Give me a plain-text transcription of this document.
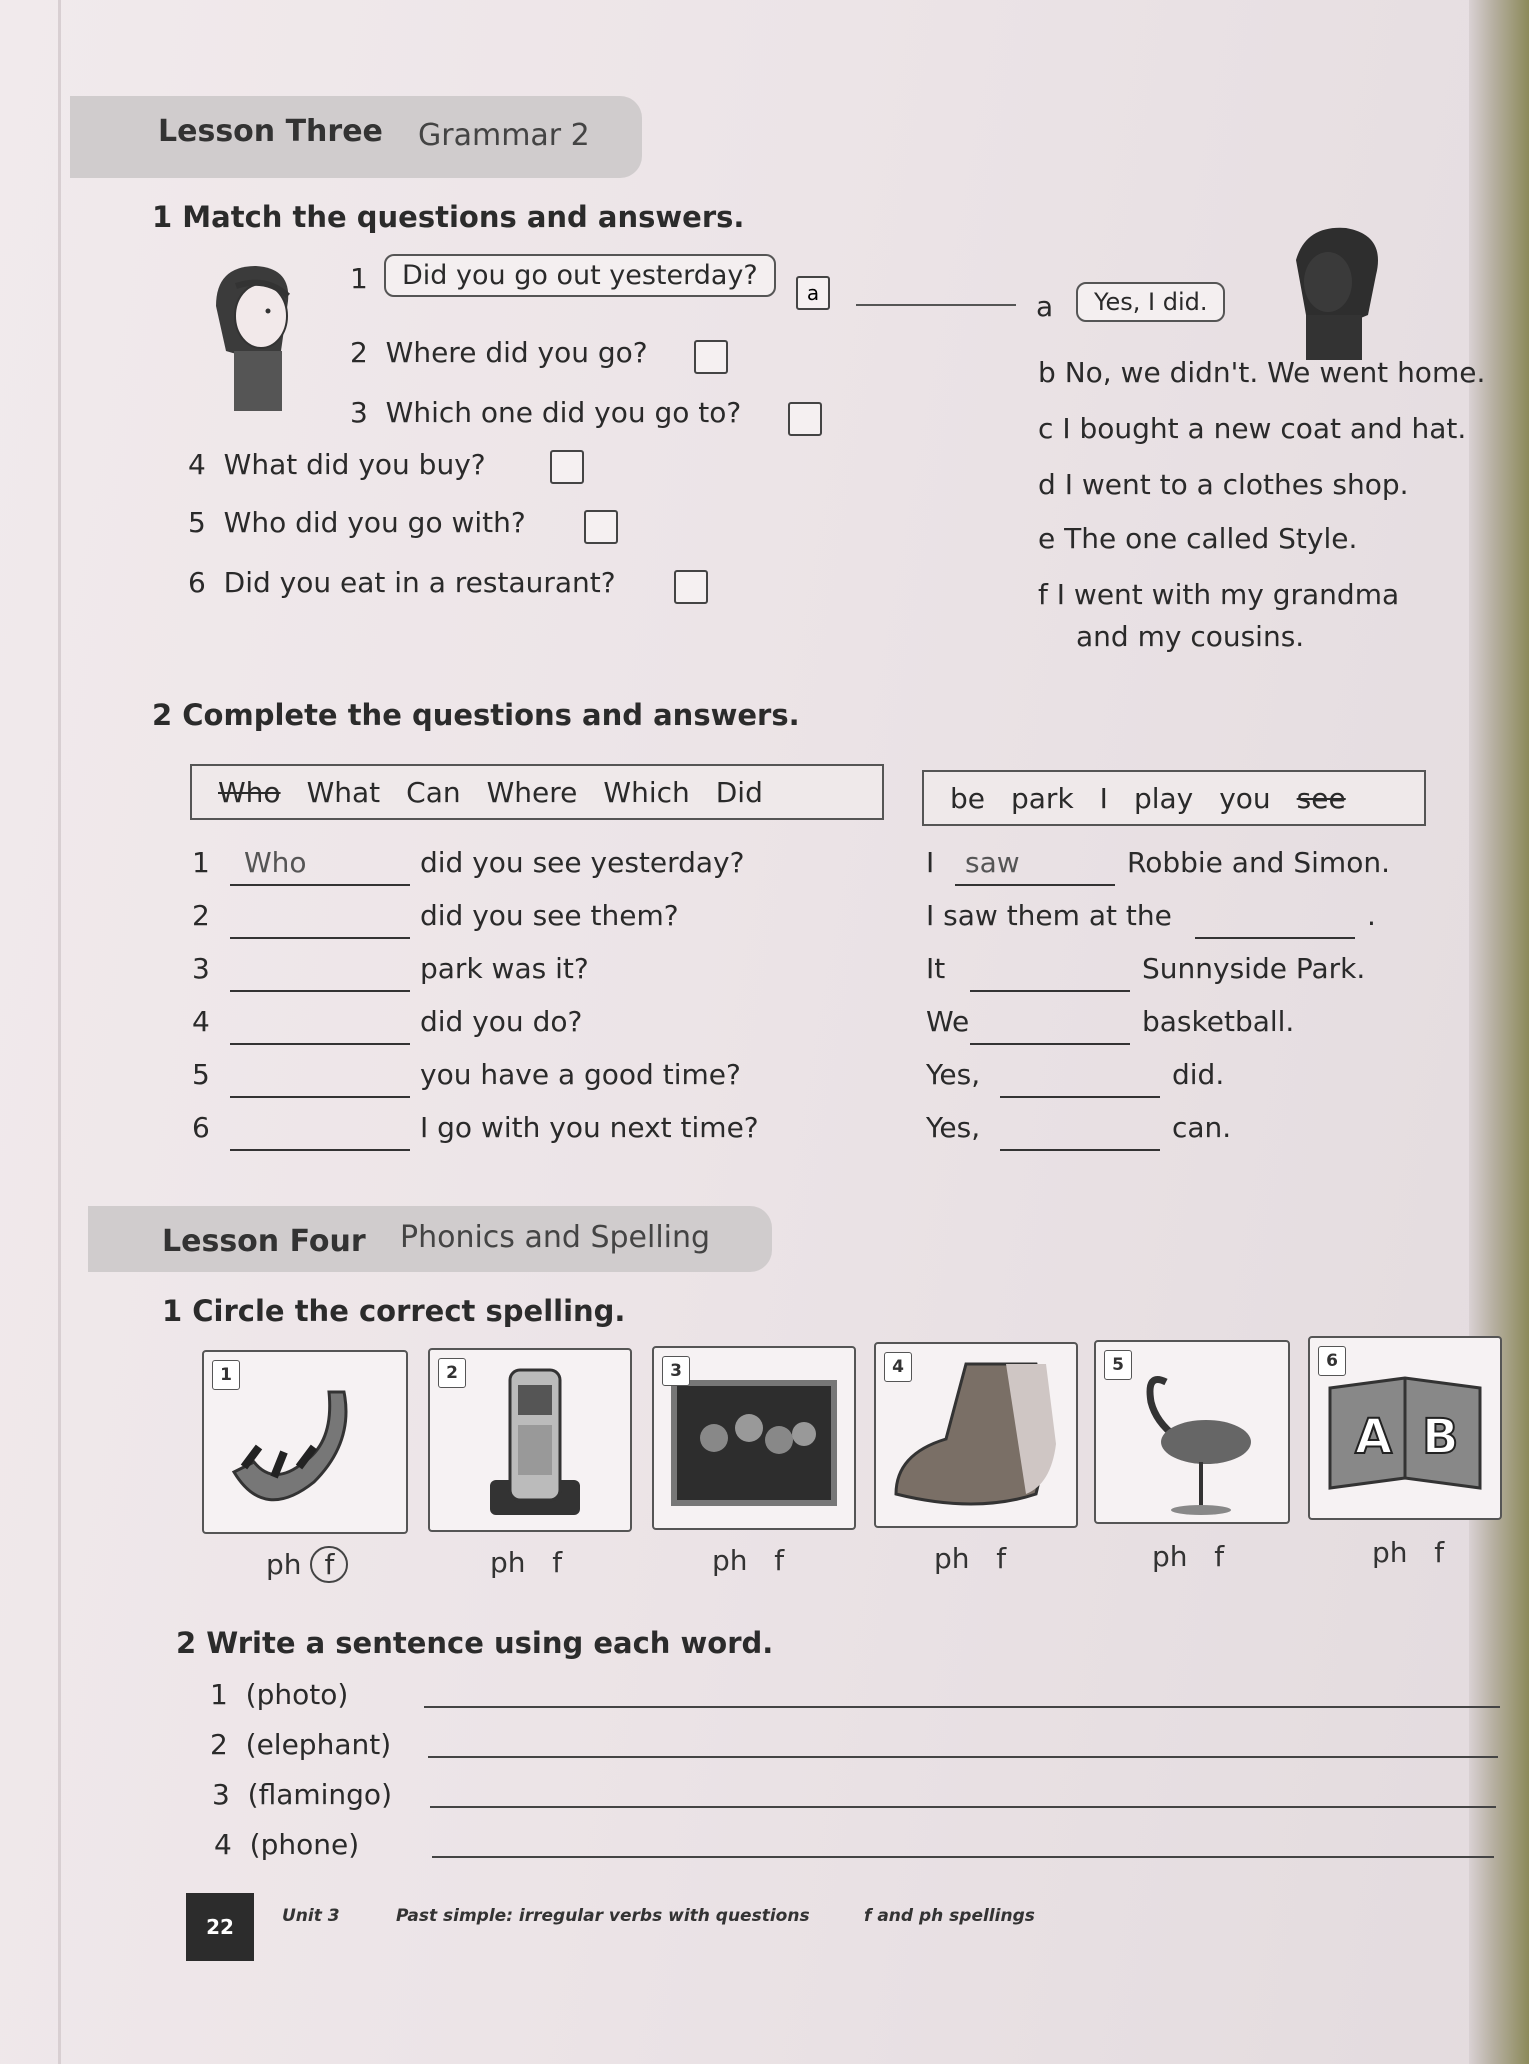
Lesson Three Grammar 2
1 Match the questions and answers.
1	Did you go out yesterday?
a
2 Where did you go?
3 Which one did you go to?
4 What did you buy?
5 Who did you go with?
6 Did you eat in a restaurant?
a	Yes, I did.
b No, we didn't. We went home.
c I bought a new coat and hat.
d I went to a clothes shop.
e The one called Style.
f I went with my grandma
and my cousins.
2 Complete the questions and answers.
Who What Can Where Which Did	be park I play you see
1 Who	did you see yesterday?	I saw	Robbie and Simon.
2	did you see them?	I saw them at the	.
3	park was it?	It	Sunnyside Park.
4	did you do?	We	basketball.
5	you have a good time?	Yes,	did.
6	I go with you next time?	Yes,	can.
Lesson Four Phonics and Spelling
1 Circle the correct spelling.
1	2	3	4	5	6
A B
ph f	ph f	ph f	ph f	ph f	ph f
2 Write a sentence using each word.
1 (photo)
2 (elephant)
3 (flamingo)
4 (phone)
22	Unit 3	Past simple: irregular verbs with questions	f and ph spellings
